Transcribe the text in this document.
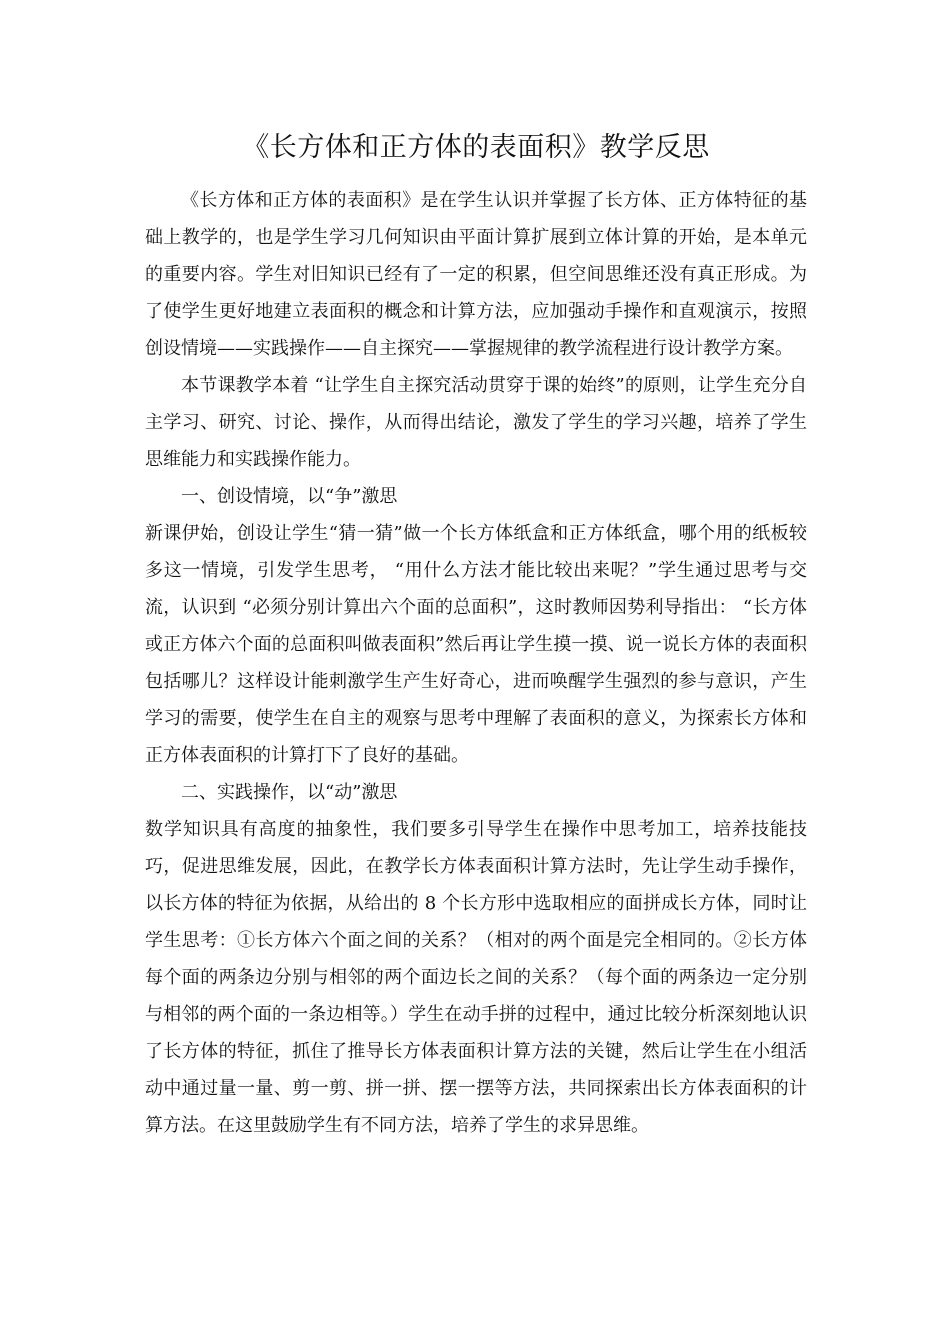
《长方体和正方体的表面积》教学反思

《长方体和正方体的表面积》是在学生认识并掌握了长方体、正方体特征的基础上教学的，也是学生学习几何知识由平面计算扩展到立体计算的开始，是本单元的重要内容。学生对旧知识已经有了一定的积累，但空间思维还没有真正形成。为了使学生更好地建立表面积的概念和计算方法，应加强动手操作和直观演示，按照创设情境——实践操作——自主探究——掌握规律的教学流程进行设计教学方案。

本节课教学本着 “让学生自主探究活动贯穿于课的始终”的原则，让学生充分自主学习、研究、讨论、操作，从而得出结论，激发了学生的学习兴趣，培养了学生思维能力和实践操作能力。

一、创设情境，以“争”激思

新课伊始，创设让学生“猜一猜”做一个长方体纸盒和正方体纸盒，哪个用的纸板较多这一情境，引发学生思考， “用什么方法才能比较出来呢？”学生通过思考与交流，认识到 “必须分别计算出六个面的总面积”，这时教师因势利导指出： “长方体或正方体六个面的总面积叫做表面积”然后再让学生摸一摸、说一说长方体的表面积包括哪儿？这样设计能刺激学生产生好奇心，进而唤醒学生强烈的参与意识，产生学习的需要，使学生在自主的观察与思考中理解了表面积的意义，为探索长方体和正方体表面积的计算打下了良好的基础。

二、实践操作，以“动”激思

数学知识具有高度的抽象性，我们要多引导学生在操作中思考加工，培养技能技巧，促进思维发展，因此，在教学长方体表面积计算方法时，先让学生动手操作，以长方体的特征为依据，从给出的 8 个长方形中选取相应的面拼成长方体，同时让学生思考：①长方体六个面之间的关系？（相对的两个面是完全相同的。②长方体每个面的两条边分别与相邻的两个面边长之间的关系？（每个面的两条边一定分别与相邻的两个面的一条边相等。）学生在动手拼的过程中，通过比较分析深刻地认识了长方体的特征，抓住了推导长方体表面积计算方法的关键，然后让学生在小组活动中通过量一量、剪一剪、拼一拼、摆一摆等方法，共同探索出长方体表面积的计算方法。在这里鼓励学生有不同方法，培养了学生的求异思维。
